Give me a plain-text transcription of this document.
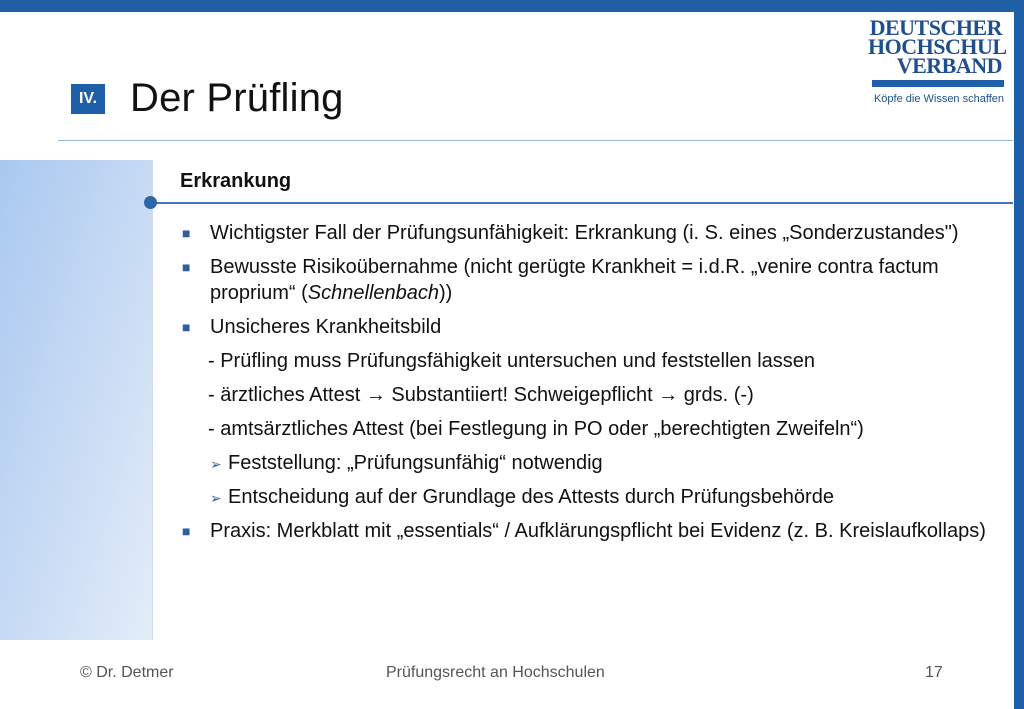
IV. Der Prüfling
DEUTSCHER
HOCHSCHUL
VERBAND
Köpfe die Wissen schaffen
Erkrankung
■ Wichtigster Fall der Prüfungsunfähigkeit: Erkrankung (i. S. eines „Sonderzustandes")
■ Bewusste Risikoübernahme (nicht gerügte Krankheit = i.d.R. „venire contra factum proprium“ (Schnellenbach))
■ Unsicheres Krankheitsbild
- Prüfling muss Prüfungsfähigkeit untersuchen und feststellen lassen
- ärztliches Attest → Substantiiert! Schweigepflicht → grds. (-)
- amtsärztliches Attest (bei Festlegung in PO oder „berechtigten Zweifeln“)
➢ Feststellung: „Prüfungsunfähig“ notwendig
➢ Entscheidung auf der Grundlage des Attests durch Prüfungsbehörde
■ Praxis: Merkblatt mit „essentials“ / Aufklärungspflicht bei Evidenz (z. B. Kreislaufkollaps)
© Dr. Detmer	Prüfungsrecht an Hochschulen	17
